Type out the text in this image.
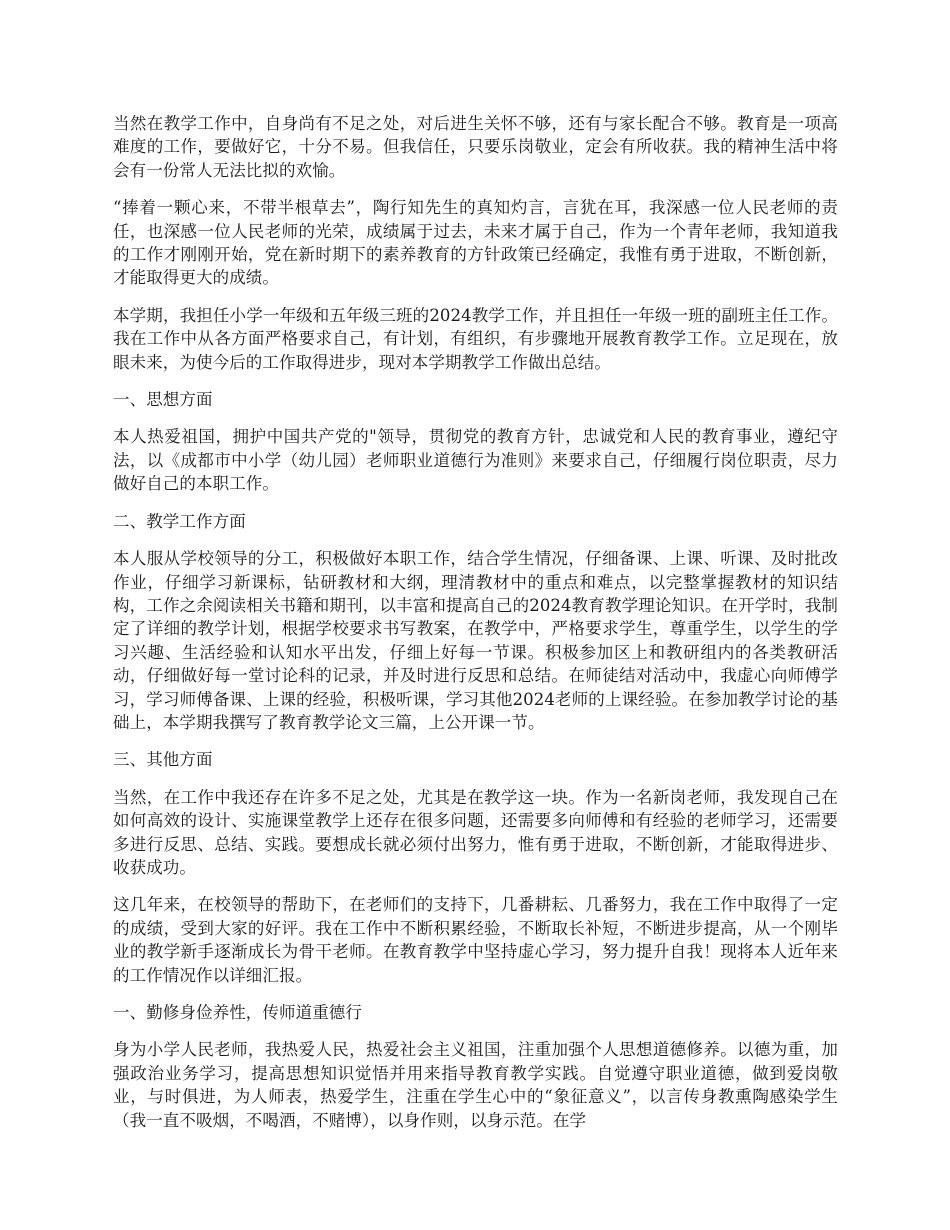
当然在教学工作中，自身尚有不足之处，对后进生关怀不够，还有与家长配合不够。教育是一项高难度的工作，要做好它，十分不易。但我信任，只要乐岗敬业，定会有所收获。我的精神生活中将会有一份常人无法比拟的欢愉。

“捧着一颗心来，不带半根草去”，陶行知先生的真知灼言，言犹在耳，我深感一位人民老师的责任，也深感一位人民老师的光荣，成绩属于过去，未来才属于自己，作为一个青年老师，我知道我的工作才刚刚开始，党在新时期下的素养教育的方针政策已经确定，我惟有勇于进取，不断创新，才能取得更大的成绩。

本学期，我担任小学一年级和五年级三班的2024教学工作，并且担任一年级一班的副班主任工作。我在工作中从各方面严格要求自己，有计划，有组织，有步骤地开展教育教学工作。立足现在，放眼未来，为使今后的工作取得进步，现对本学期教学工作做出总结。

一、思想方面

本人热爱祖国，拥护中国共产党的"领导，贯彻党的教育方针，忠诚党和人民的教育事业，遵纪守法，以《成都市中小学（幼儿园）老师职业道德行为准则》来要求自己，仔细履行岗位职责，尽力做好自己的本职工作。

二、教学工作方面

本人服从学校领导的分工，积极做好本职工作，结合学生情况，仔细备课、上课、听课、及时批改作业，仔细学习新课标，钻研教材和大纲，理清教材中的重点和难点，以完整掌握教材的知识结构，工作之余阅读相关书籍和期刊，以丰富和提高自己的2024教育教学理论知识。在开学时，我制定了详细的教学计划，根据学校要求书写教案，在教学中，严格要求学生，尊重学生，以学生的学习兴趣、生活经验和认知水平出发，仔细上好每一节课。积极参加区上和教研组内的各类教研活动，仔细做好每一堂讨论科的记录，并及时进行反思和总结。在师徒结对活动中，我虚心向师傅学习，学习师傅备课、上课的经验，积极听课，学习其他2024老师的上课经验。在参加教学讨论的基础上，本学期我撰写了教育教学论文三篇，上公开课一节。

三、其他方面

当然，在工作中我还存在许多不足之处，尤其是在教学这一块。作为一名新岗老师，我发现自己在如何高效的设计、实施课堂教学上还存在很多问题，还需要多向师傅和有经验的老师学习，还需要多进行反思、总结、实践。要想成长就必须付出努力，惟有勇于进取，不断创新，才能取得进步、收获成功。

这几年来，在校领导的帮助下，在老师们的支持下，几番耕耘、几番努力，我在工作中取得了一定的成绩，受到大家的好评。我在工作中不断积累经验，不断取长补短，不断进步提高，从一个刚毕业的教学新手逐渐成长为骨干老师。在教育教学中坚持虚心学习，努力提升自我！现将本人近年来的工作情况作以详细汇报。

一、勤修身俭养性，传师道重德行

身为小学人民老师，我热爱人民，热爱社会主义祖国，注重加强个人思想道德修养。以德为重，加强政治业务学习，提高思想知识觉悟并用来指导教育教学实践。自觉遵守职业道德，做到爱岗敬业，与时俱进，为人师表，热爱学生，注重在学生心中的“象征意义”，以言传身教熏陶感染学生（我一直不吸烟，不喝酒，不赌博），以身作则，以身示范。在学
